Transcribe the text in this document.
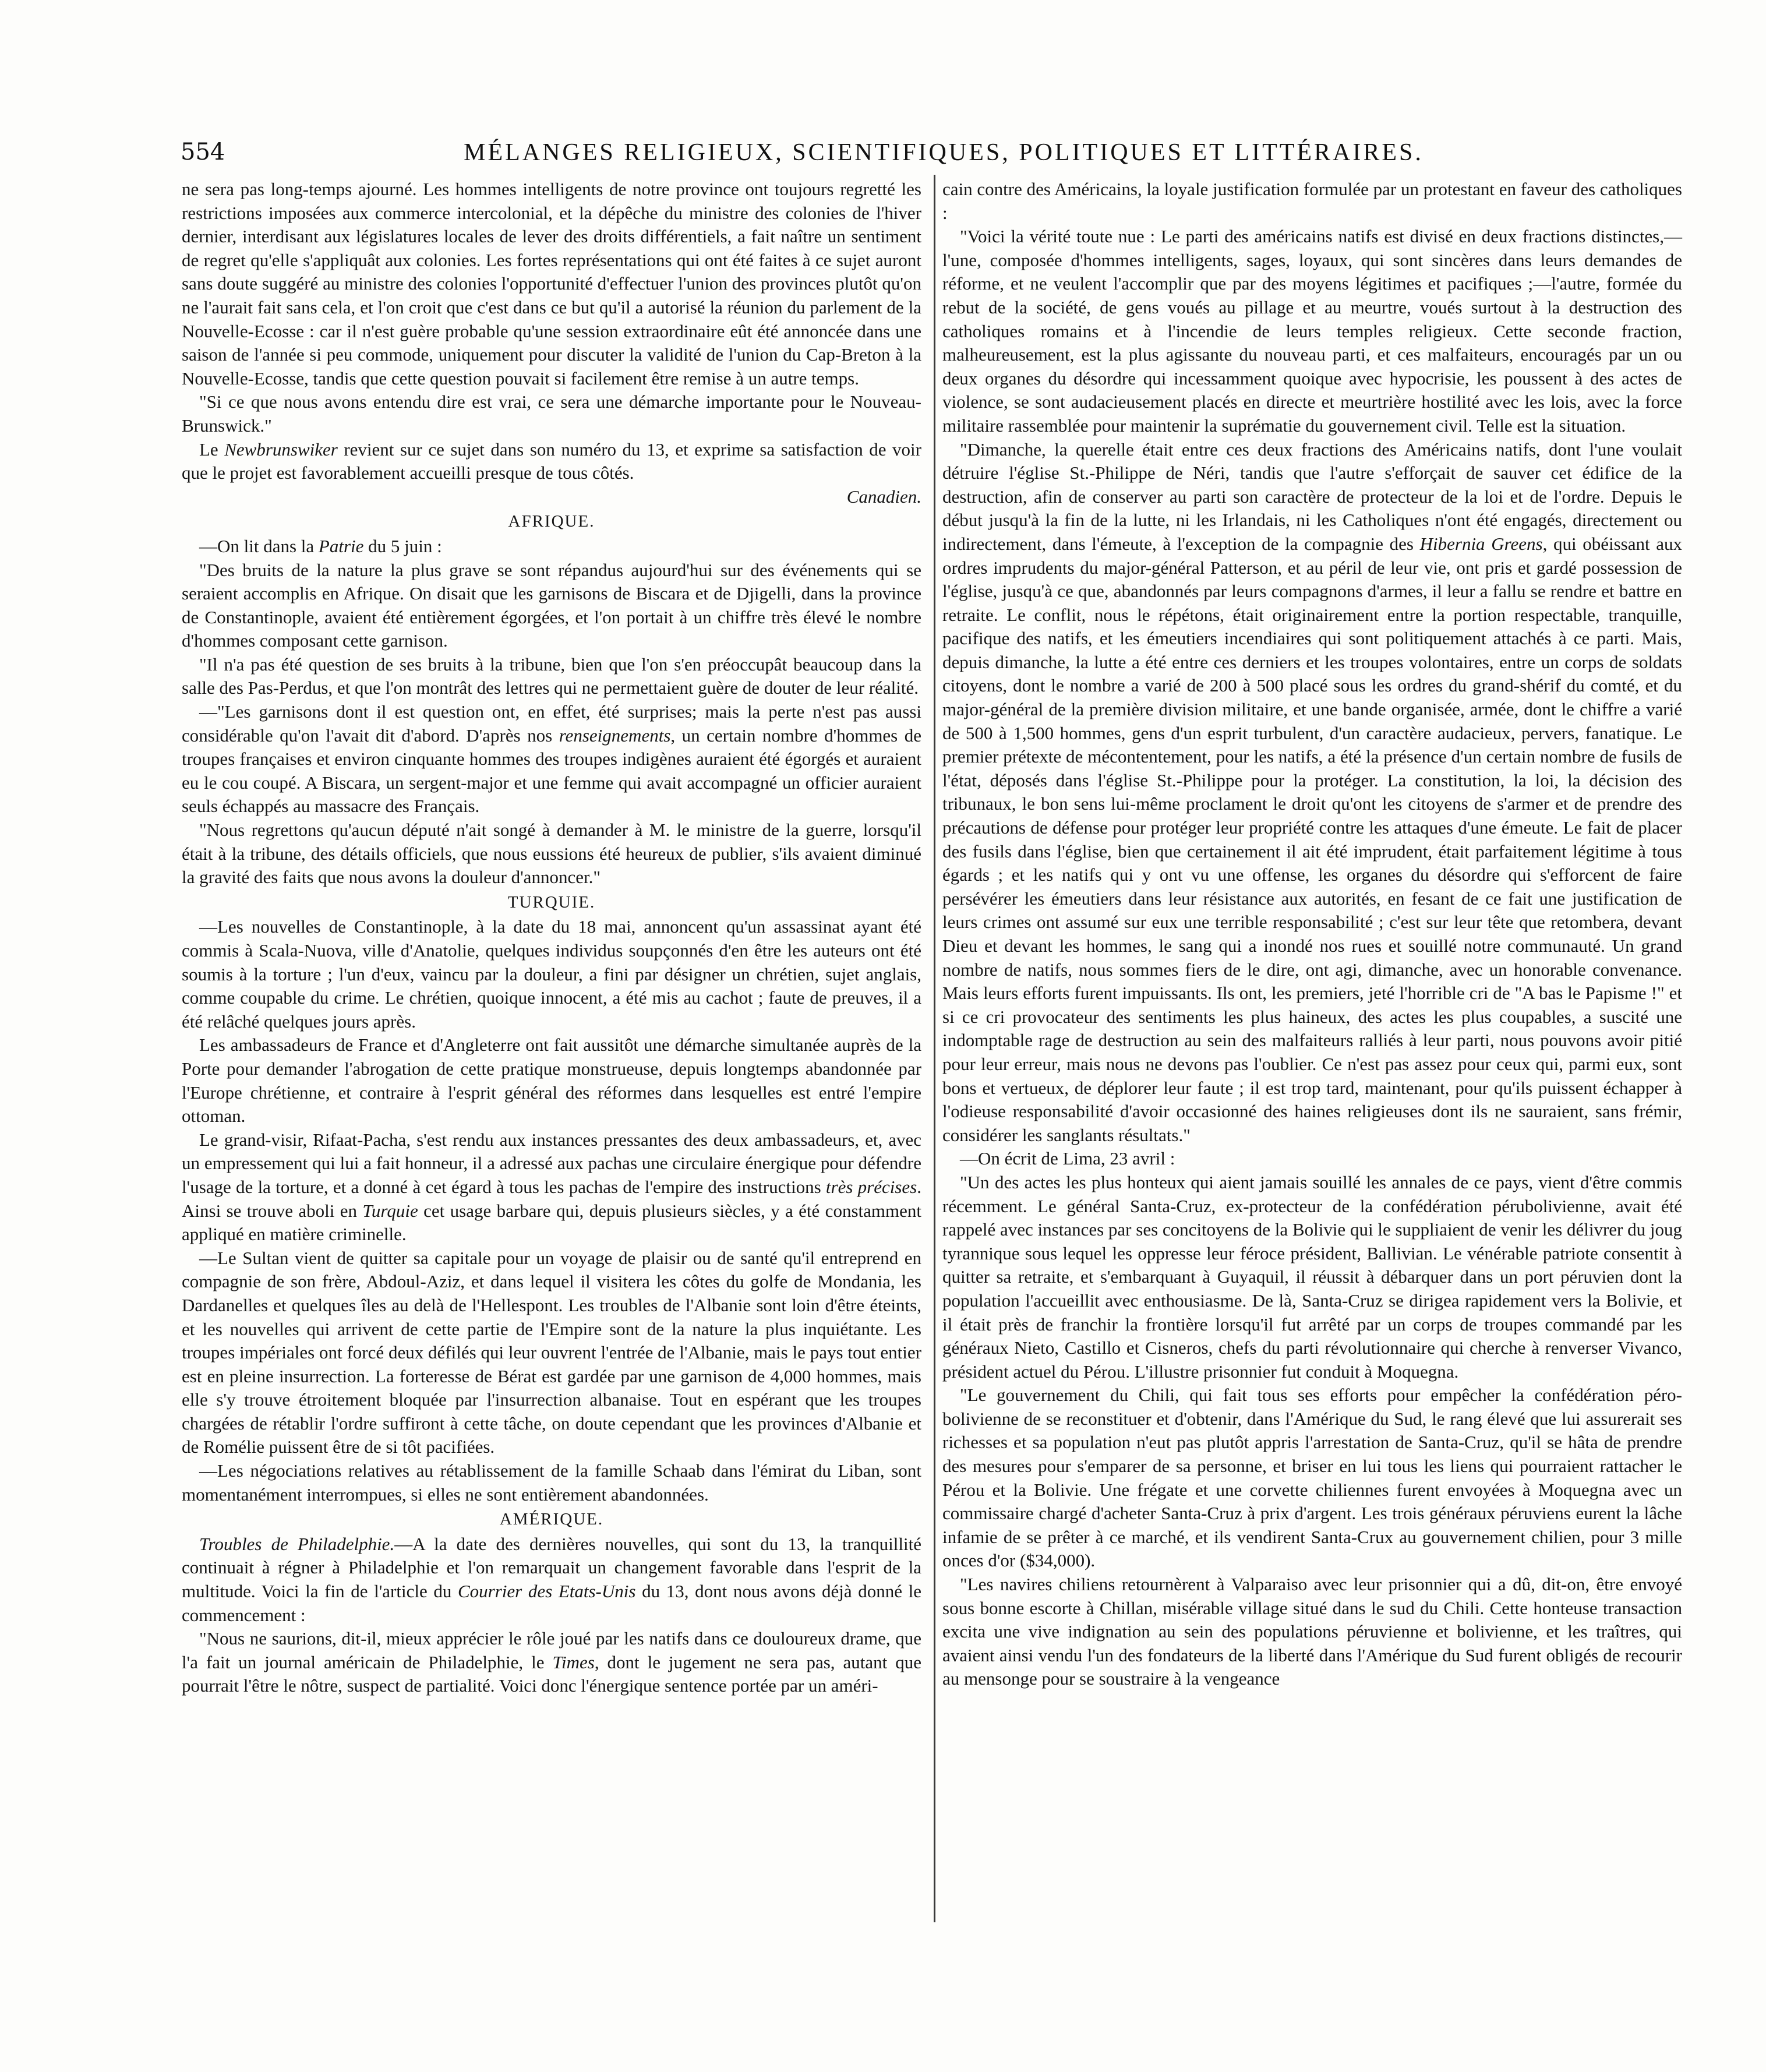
554	MÉLANGES RELIGIEUX, SCIENTIFIQUES, POLITIQUES ET LITTÉRAIRES.

ne sera pas long-temps ajourné. Les hommes intelligents de notre province ont toujours regretté les restrictions imposées aux commerce intercolonial, et la dépêche du ministre des colonies de l'hiver dernier, interdisant aux législatures locales de lever des droits différentiels, a fait naître un sentiment de regret qu'elle s'appliquât aux colonies. Les fortes représentations qui ont été faites à ce sujet auront sans doute suggéré au ministre des colonies l'opportunité d'effectuer l'union des provinces plutôt qu'on ne l'aurait fait sans cela, et l'on croit que c'est dans ce but qu'il a autorisé la réunion du parlement de la Nouvelle-Ecosse : car il n'est guère probable qu'une session extraordinaire eût été annoncée dans une saison de l'année si peu commode, uniquement pour discuter la validité de l'union du Cap-Breton à la Nouvelle-Ecosse, tandis que cette question pouvait si facilement être remise à un autre temps.

"Si ce que nous avons entendu dire est vrai, ce sera une démarche importante pour le Nouveau-Brunswick."

Le Newbrunswiker revient sur ce sujet dans son numéro du 13, et exprime sa satisfaction de voir que le projet est favorablement accueilli presque de tous côtés.

Canadien.

AFRIQUE.

—On lit dans la Patrie du 5 juin :

"Des bruits de la nature la plus grave se sont répandus aujourd'hui sur des événements qui se seraient accomplis en Afrique. On disait que les garnisons de Biscara et de Djigelli, dans la province de Constantinople, avaient été entièrement égorgées, et l'on portait à un chiffre très élevé le nombre d'hommes composant cette garnison.

"Il n'a pas été question de ses bruits à la tribune, bien que l'on s'en préoccupât beaucoup dans la salle des Pas-Perdus, et que l'on montrât des lettres qui ne permettaient guère de douter de leur réalité.

—"Les garnisons dont il est question ont, en effet, été surprises; mais la perte n'est pas aussi considérable qu'on l'avait dit d'abord. D'après nos renseignements, un certain nombre d'hommes de troupes françaises et environ cinquante hommes des troupes indigènes auraient été égorgés et auraient eu le cou coupé. A Biscara, un sergent-major et une femme qui avait accompagné un officier auraient seuls échappés au massacre des Français.

"Nous regrettons qu'aucun député n'ait songé à demander à M. le ministre de la guerre, lorsqu'il était à la tribune, des détails officiels, que nous eussions été heureux de publier, s'ils avaient diminué la gravité des faits que nous avons la douleur d'annoncer."

TURQUIE.

—Les nouvelles de Constantinople, à la date du 18 mai, annoncent qu'un assassinat ayant été commis à Scala-Nuova, ville d'Anatolie, quelques individus soupçonnés d'en être les auteurs ont été soumis à la torture ; l'un d'eux, vaincu par la douleur, a fini par désigner un chrétien, sujet anglais, comme coupable du crime. Le chrétien, quoique innocent, a été mis au cachot ; faute de preuves, il a été relâché quelques jours après.

Les ambassadeurs de France et d'Angleterre ont fait aussitôt une démarche simultanée auprès de la Porte pour demander l'abrogation de cette pratique monstrueuse, depuis longtemps abandonnée par l'Europe chrétienne, et contraire à l'esprit général des réformes dans lesquelles est entré l'empire ottoman.

Le grand-visir, Rifaat-Pacha, s'est rendu aux instances pressantes des deux ambassadeurs, et, avec un empressement qui lui a fait honneur, il a adressé aux pachas une circulaire énergique pour défendre l'usage de la torture, et a donné à cet égard à tous les pachas de l'empire des instructions très précises. Ainsi se trouve aboli en Turquie cet usage barbare qui, depuis plusieurs siècles, y a été constamment appliqué en matière criminelle.

—Le Sultan vient de quitter sa capitale pour un voyage de plaisir ou de santé qu'il entreprend en compagnie de son frère, Abdoul-Aziz, et dans lequel il visitera les côtes du golfe de Mondania, les Dardanelles et quelques îles au delà de l'Hellespont. Les troubles de l'Albanie sont loin d'être éteints, et les nouvelles qui arrivent de cette partie de l'Empire sont de la nature la plus inquiétante. Les troupes impériales ont forcé deux défilés qui leur ouvrent l'entrée de l'Albanie, mais le pays tout entier est en pleine insurrection. La forteresse de Bérat est gardée par une garnison de 4,000 hommes, mais elle s'y trouve étroitement bloquée par l'insurrection albanaise. Tout en espérant que les troupes chargées de rétablir l'ordre suffiront à cette tâche, on doute cependant que les provinces d'Albanie et de Romélie puissent être de si tôt pacifiées.

—Les négociations relatives au rétablissement de la famille Schaab dans l'émirat du Liban, sont momentanément interrompues, si elles ne sont entièrement abandonnées.

AMÉRIQUE.

Troubles de Philadelphie.—A la date des dernières nouvelles, qui sont du 13, la tranquillité continuait à régner à Philadelphie et l'on remarquait un changement favorable dans l'esprit de la multitude. Voici la fin de l'article du Courrier des Etats-Unis du 13, dont nous avons déjà donné le commencement :

"Nous ne saurions, dit-il, mieux apprécier le rôle joué par les natifs dans ce douloureux drame, que l'a fait un journal américain de Philadelphie, le Times, dont le jugement ne sera pas, autant que pourrait l'être le nôtre, suspect de partialité. Voici donc l'énergique sentence portée par un améri-

cain contre des Américains, la loyale justification formulée par un protestant en faveur des catholiques :

"Voici la vérité toute nue : Le parti des américains natifs est divisé en deux fractions distinctes,—l'une, composée d'hommes intelligents, sages, loyaux, qui sont sincères dans leurs demandes de réforme, et ne veulent l'accomplir que par des moyens légitimes et pacifiques ;—l'autre, formée du rebut de la société, de gens voués au pillage et au meurtre, voués surtout à la destruction des catholiques romains et à l'incendie de leurs temples religieux. Cette seconde fraction, malheureusement, est la plus agissante du nouveau parti, et ces malfaiteurs, encouragés par un ou deux organes du désordre qui incessamment quoique avec hypocrisie, les poussent à des actes de violence, se sont audacieusement placés en directe et meurtrière hostilité avec les lois, avec la force militaire rassemblée pour maintenir la suprématie du gouvernement civil. Telle est la situation.

"Dimanche, la querelle était entre ces deux fractions des Américains natifs, dont l'une voulait détruire l'église St.-Philippe de Néri, tandis que l'autre s'efforçait de sauver cet édifice de la destruction, afin de conserver au parti son caractère de protecteur de la loi et de l'ordre. Depuis le début jusqu'à la fin de la lutte, ni les Irlandais, ni les Catholiques n'ont été engagés, directement ou indirectement, dans l'émeute, à l'exception de la compagnie des Hibernia Greens, qui obéissant aux ordres imprudents du major-général Patterson, et au péril de leur vie, ont pris et gardé possession de l'église, jusqu'à ce que, abandonnés par leurs compagnons d'armes, il leur a fallu se rendre et battre en retraite. Le conflit, nous le répétons, était originairement entre la portion respectable, tranquille, pacifique des natifs, et les émeutiers incendiaires qui sont politiquement attachés à ce parti. Mais, depuis dimanche, la lutte a été entre ces derniers et les troupes volontaires, entre un corps de soldats citoyens, dont le nombre a varié de 200 à 500 placé sous les ordres du grand-shérif du comté, et du major-général de la première division militaire, et une bande organisée, armée, dont le chiffre a varié de 500 à 1,500 hommes, gens d'un esprit turbulent, d'un caractère audacieux, pervers, fanatique. Le premier prétexte de mécontentement, pour les natifs, a été la présence d'un certain nombre de fusils de l'état, déposés dans l'église St.-Philippe pour la protéger. La constitution, la loi, la décision des tribunaux, le bon sens lui-même proclament le droit qu'ont les citoyens de s'armer et de prendre des précautions de défense pour protéger leur propriété contre les attaques d'une émeute. Le fait de placer des fusils dans l'église, bien que certainement il ait été imprudent, était parfaitement légitime à tous égards ; et les natifs qui y ont vu une offense, les organes du désordre qui s'efforcent de faire persévérer les émeutiers dans leur résistance aux autorités, en fesant de ce fait une justification de leurs crimes ont assumé sur eux une terrible responsabilité ; c'est sur leur tête que retombera, devant Dieu et devant les hommes, le sang qui a inondé nos rues et souillé notre communauté. Un grand nombre de natifs, nous sommes fiers de le dire, ont agi, dimanche, avec un honorable convenance. Mais leurs efforts furent impuissants. Ils ont, les premiers, jeté l'horrible cri de "A bas le Papisme !" et si ce cri provocateur des sentiments les plus haineux, des actes les plus coupables, a suscité une indomptable rage de destruction au sein des malfaiteurs ralliés à leur parti, nous pouvons avoir pitié pour leur erreur, mais nous ne devons pas l'oublier. Ce n'est pas assez pour ceux qui, parmi eux, sont bons et vertueux, de déplorer leur faute ; il est trop tard, maintenant, pour qu'ils puissent échapper à l'odieuse responsabilité d'avoir occasionné des haines religieuses dont ils ne sauraient, sans frémir, considérer les sanglants résultats."

—On écrit de Lima, 23 avril :

"Un des actes les plus honteux qui aient jamais souillé les annales de ce pays, vient d'être commis récemment. Le général Santa-Cruz, ex-protecteur de la confédération pérubolivienne, avait été rappelé avec instances par ses concitoyens de la Bolivie qui le suppliaient de venir les délivrer du joug tyrannique sous lequel les oppresse leur féroce président, Ballivian. Le vénérable patriote consentit à quitter sa retraite, et s'embarquant à Guyaquil, il réussit à débarquer dans un port péruvien dont la population l'accueillit avec enthousiasme. De là, Santa-Cruz se dirigea rapidement vers la Bolivie, et il était près de franchir la frontière lorsqu'il fut arrêté par un corps de troupes commandé par les généraux Nieto, Castillo et Cisneros, chefs du parti révolutionnaire qui cherche à renverser Vivanco, président actuel du Pérou. L'illustre prisonnier fut conduit à Moquegna.

"Le gouvernement du Chili, qui fait tous ses efforts pour empêcher la confédération péro-bolivienne de se reconstituer et d'obtenir, dans l'Amérique du Sud, le rang élevé que lui assurerait ses richesses et sa population n'eut pas plutôt appris l'arrestation de Santa-Cruz, qu'il se hâta de prendre des mesures pour s'emparer de sa personne, et briser en lui tous les liens qui pourraient rattacher le Pérou et la Bolivie. Une frégate et une corvette chiliennes furent envoyées à Moquegna avec un commissaire chargé d'acheter Santa-Cruz à prix d'argent. Les trois généraux péruviens eurent la lâche infamie de se prêter à ce marché, et ils vendirent Santa-Crux au gouvernement chilien, pour 3 mille onces d'or ($34,000).

"Les navires chiliens retournèrent à Valparaiso avec leur prisonnier qui a dû, dit-on, être envoyé sous bonne escorte à Chillan, misérable village situé dans le sud du Chili. Cette honteuse transaction excita une vive indignation au sein des populations péruvienne et bolivienne, et les traîtres, qui avaient ainsi vendu l'un des fondateurs de la liberté dans l'Amérique du Sud furent obligés de recourir au mensonge pour se soustraire à la vengeance
